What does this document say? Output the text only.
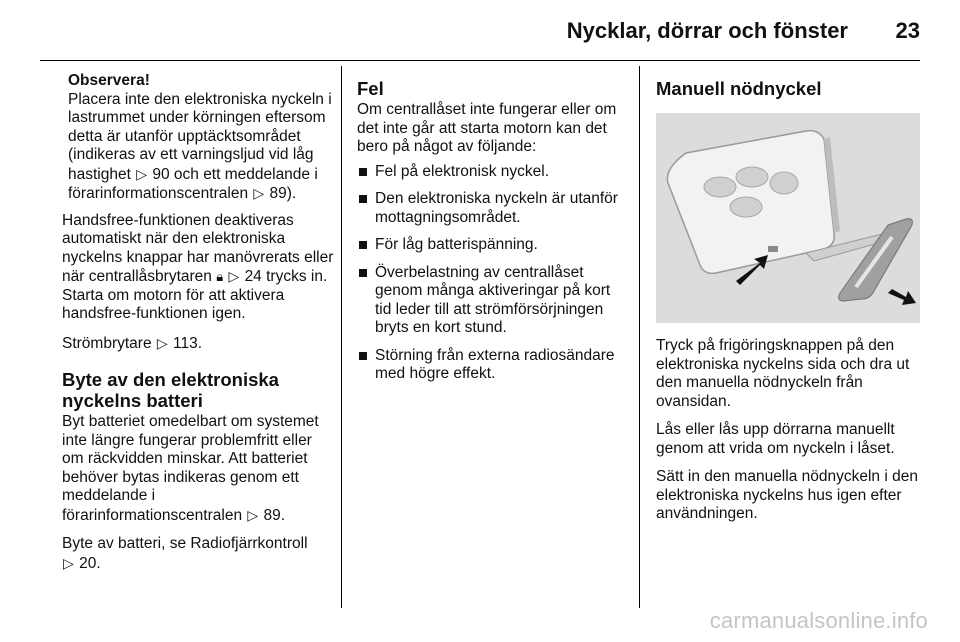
Nycklar, dörrar och fönster 23
Observera!
Placera inte den elektroniska nyckeln i lastrummet under körningen eftersom detta är utanför upptäcktsområdet (indikeras av ett varningsljud vid låg hastighet ▷ 90 och ett meddelande i förarinformationscentralen ▷ 89).

Handsfree-funktionen deaktiveras automatiskt när den elektroniska nyckelns knappar har manövrerats eller när centrallåsbrytaren 🔒︎ ▷ 24 trycks in. Starta om motorn för att aktivera handsfree-funktionen igen.

Strömbrytare ▷ 113.

Byte av den elektroniska nyckelns batteri

Byt batteriet omedelbart om systemet inte längre fungerar problemfritt eller om räckvidden minskar. Att batteriet behöver bytas indikeras genom ett meddelande i förarinformationscentralen ▷ 89.

Byte av batteri, se Radiofjärrkontroll
▷ 20.

Fel

Om centrallåset inte fungerar eller om det inte går att starta motorn kan det bero på något av följande:

Fel på elektronisk nyckel.
Den elektroniska nyckeln är utanför mottagningsområdet.
För låg batterispänning.
Överbelastning av centrallåset genom många aktiveringar på kort tid leder till att strömförsörjningen bryts en kort stund.
Störning från externa radiosändare med högre effekt.
Manuell nödnyckel

Tryck på frigöringsknappen på den elektroniska nyckelns sida och dra ut den manuella nödnyckeln från ovansidan.

Lås eller lås upp dörrarna manuellt genom att vrida om nyckeln i låset.

Sätt in den manuella nödnyckeln i den elektroniska nyckelns hus igen efter användningen.

carmanualsonline.info
